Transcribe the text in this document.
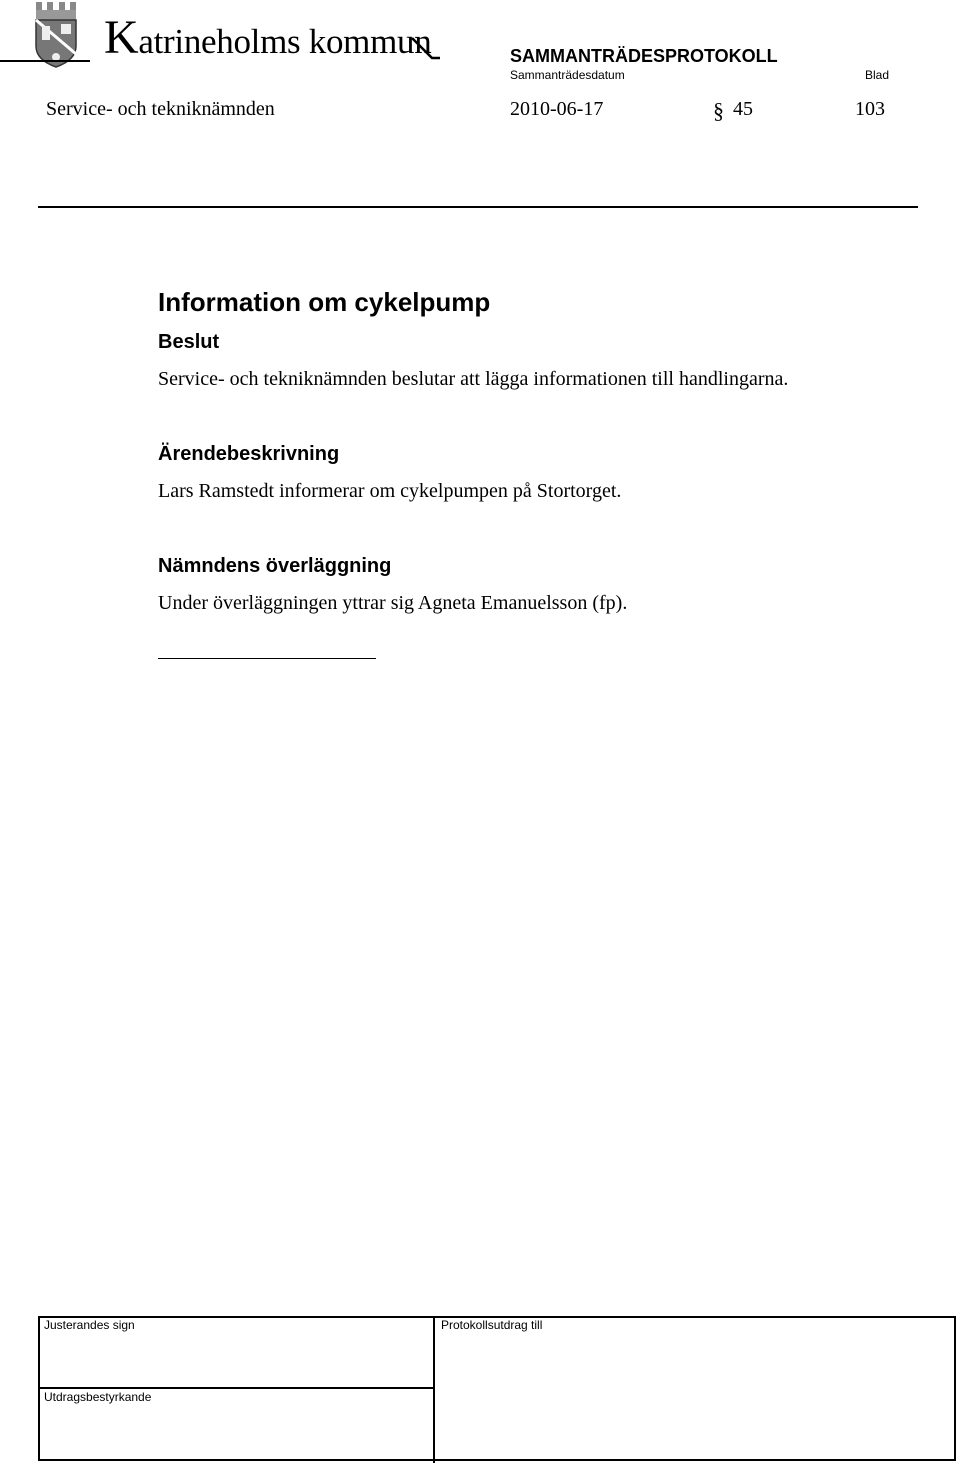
Katrineholms kommun	SAMMANTRÄDESPROTOKOLL
Sammanträdesdatum	Blad
Service- och tekniknämnden	2010-06-17	§ 45	103
Information om cykelpump
Beslut
Service- och tekniknämnden beslutar att lägga informationen till handlingarna.
Ärendebeskrivning
Lars Ramstedt informerar om cykelpumpen på Stortorget.
Nämndens överläggning
Under överläggningen yttrar sig Agneta Emanuelsson (fp).
Justerandes sign
Utdragsbestyrkande
Protokollsutdrag till
